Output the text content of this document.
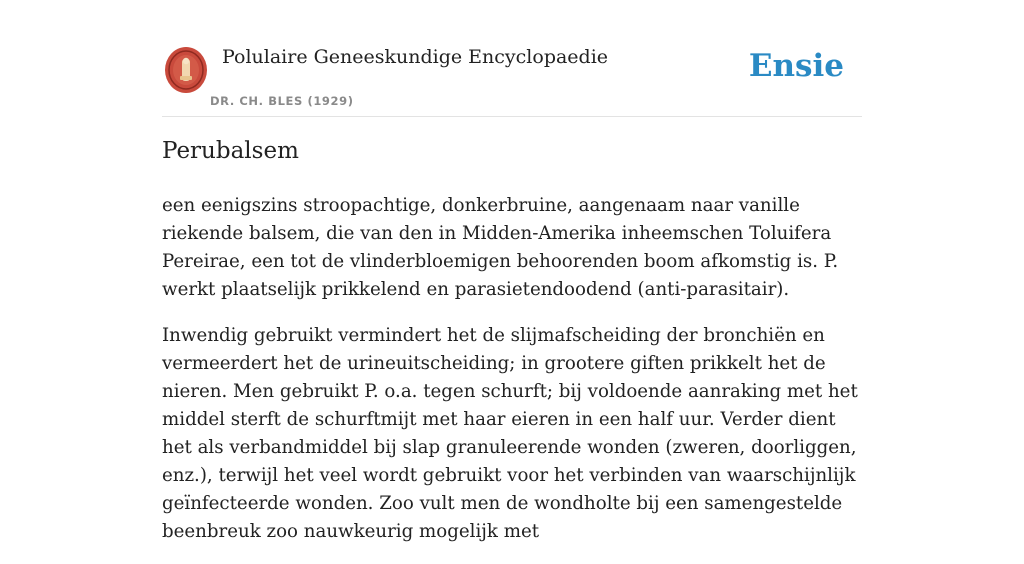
Polulaire Geneeskundige Encyclopaedie
DR. CH. BLES (1929)
Ensie
Perubalsem

een eenigszins stroopachtige, donkerbruine, aangenaam naar vanille riekende balsem, die van den in Midden-Amerika inheemschen Toluifera Pereirae, een tot de vlinderbloemigen behoorenden boom afkomstig is. P. werkt plaatselijk prikkelend en parasietendoodend (anti-parasitair).

Inwendig gebruikt vermindert het de slijmafscheiding der bronchiën en vermeerdert het de urineuitscheiding; in grootere giften prikkelt het de nieren. Men gebruikt P. o.a. tegen schurft; bij voldoende aanraking met het middel sterft de schurftmijt met haar eieren in een half uur. Verder dient het als verbandmiddel bij slap granuleerende wonden (zweren, doorliggen, enz.), terwijl het veel wordt gebruikt voor het verbinden van waarschijnlijk geïnfecteerde wonden. Zoo vult men de wondholte bij een samengestelde beenbreuk zoo nauwkeurig mogelijk met
